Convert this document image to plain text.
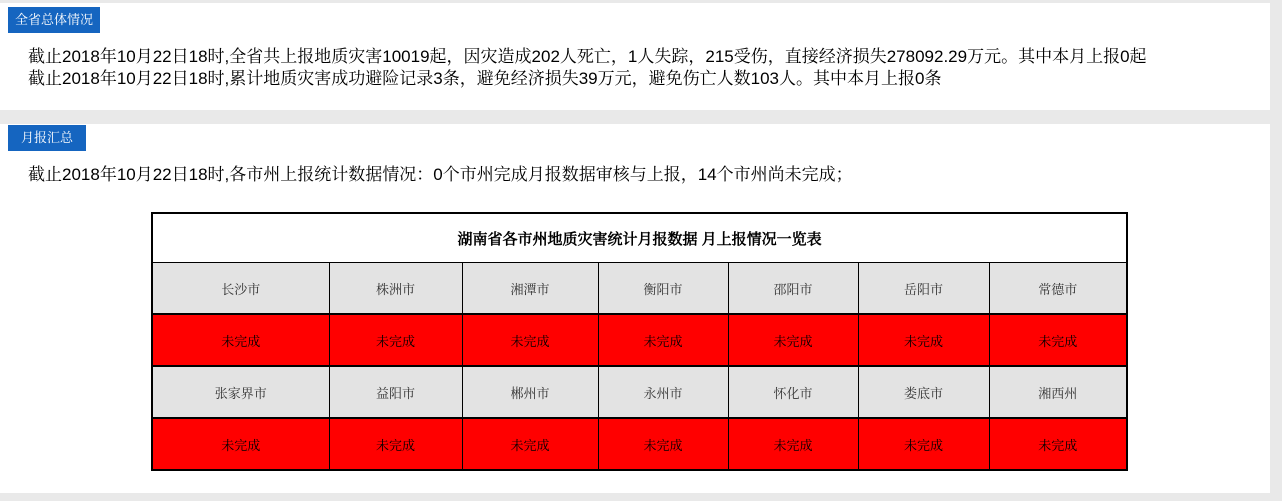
全省总体情况

截止2018年10月22日18时,全省共上报地质灾害10019起，因灾造成202人死亡，1人失踪，215受伤，直接经济损失278092.29万元。其中本月上报0起

截止2018年10月22日18时,累计地质灾害成功避险记录3条，避免经济损失39万元，避免伤亡人数103人。其中本月上报0条

月报汇总

截止2018年10月22日18时,各市州上报统计数据情况：0个市州完成月报数据审核与上报，14个市州尚未完成；

湖南省各市州地质灾害统计月报数据 月上报情况一览表						
长沙市	株洲市	湘潭市	衡阳市	邵阳市	岳阳市	常德市
未完成	未完成	未完成	未完成	未完成	未完成	未完成
张家界市	益阳市	郴州市	永州市	怀化市	娄底市	湘西州
未完成	未完成	未完成	未完成	未完成	未完成	未完成
